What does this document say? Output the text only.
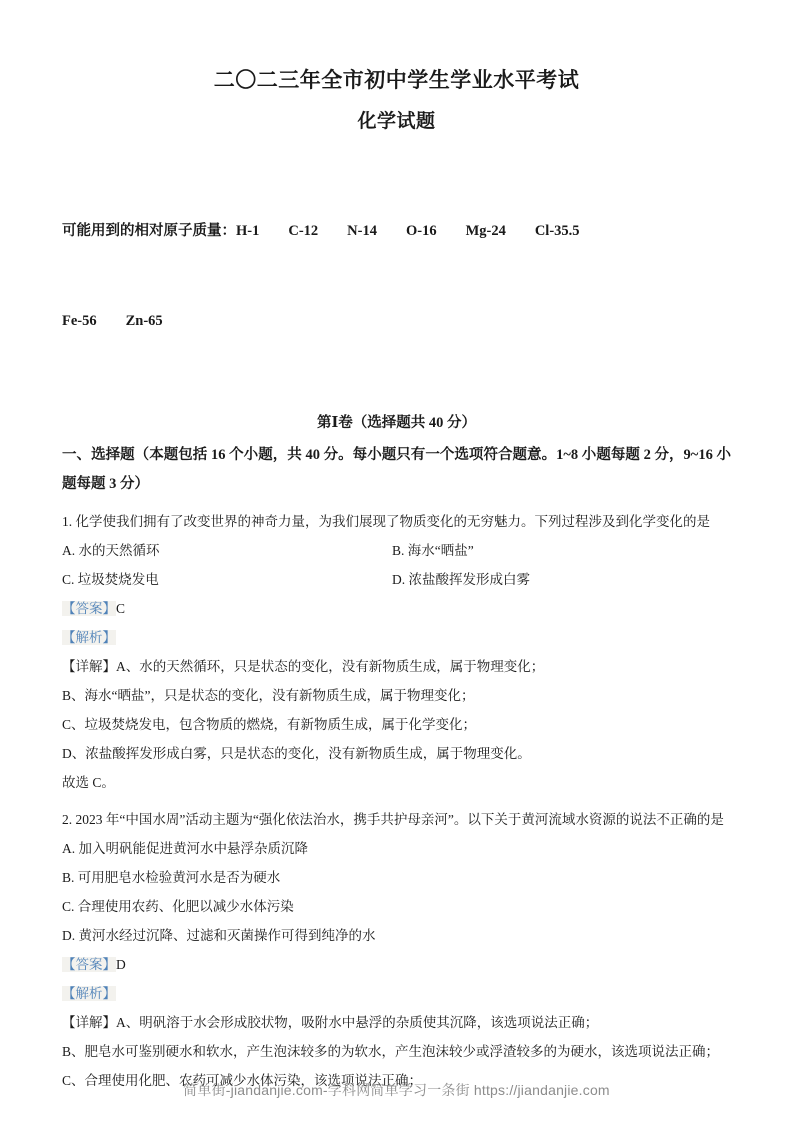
二〇二三年全市初中学生学业水平考试
化学试题

可能用到的相对原子质量：H-1        C-12        N-14        O-16        Mg-24        Cl-35.5

Fe-56        Zn-65

第Ⅰ卷（选择题共 40 分）
一、选择题（本题包括 16 个小题，共 40 分。每小题只有一个选项符合题意。1~8 小题每题 2 分，9~16 小题每题 3 分）
1. 化学使我们拥有了改变世界的神奇力量，为我们展现了物质变化的无穷魅力。下列过程涉及到化学变化的是
A. 水的天然循环	B. 海水“晒盐”
C. 垃圾焚烧发电	D. 浓盐酸挥发形成白雾
【答案】C
【解析】
【详解】A、水的天然循环，只是状态的变化，没有新物质生成，属于物理变化；
B、海水“晒盐”，只是状态的变化，没有新物质生成，属于物理变化；
C、垃圾焚烧发电，包含物质的燃烧，有新物质生成，属于化学变化；
D、浓盐酸挥发形成白雾，只是状态的变化，没有新物质生成，属于物理变化。
故选 C。
2. 2023 年“中国水周”活动主题为“强化依法治水，携手共护母亲河”。以下关于黄河流域水资源的说法不正确的是
A. 加入明矾能促进黄河水中悬浮杂质沉降
B. 可用肥皂水检验黄河水是否为硬水
C. 合理使用农药、化肥以减少水体污染
D. 黄河水经过沉降、过滤和灭菌操作可得到纯净的水
【答案】D
【解析】
【详解】A、明矾溶于水会形成胶状物，吸附水中悬浮的杂质使其沉降，该选项说法正确；
B、肥皂水可鉴别硬水和软水，产生泡沫较多的为软水，产生泡沫较少或浮渣较多的为硬水，该选项说法正确；
C、合理使用化肥、农药可减少水体污染，该选项说法正确；
简单街-jiandanjie.com-学科网简单学习一条街 https://jiandanjie.com
